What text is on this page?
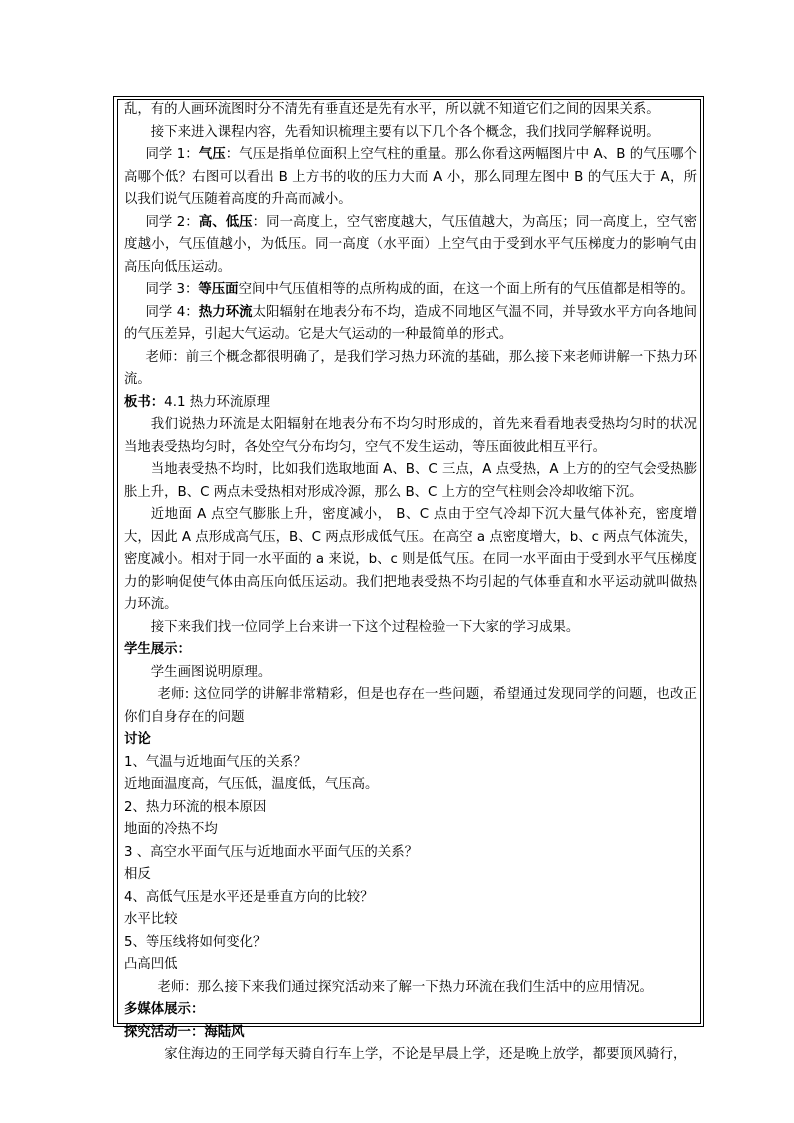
乱，有的人画环流图时分不清先有垂直还是先有水平，所以就不知道它们之间的因果关系。

接下来进入课程内容，先看知识梳理主要有以下几个各个概念，我们找同学解释说明。

同学 1：气压：气压是指单位面积上空气柱的重量。那么你看这两幅图片中 A、B 的气压哪个高哪个低？右图可以看出 B 上方书的收的压力大而 A 小，那么同理左图中 B 的气压大于 A，所以我们说气压随着高度的升高而减小。

同学 2：高、低压：同一高度上，空气密度越大，气压值越大，为高压；同一高度上，空气密度越小，气压值越小，为低压。同一高度（水平面）上空气由于受到水平气压梯度力的影响气由高压向低压运动。

同学 3：等压面空间中气压值相等的点所构成的面，在这一个面上所有的气压值都是相等的。

同学 4：热力环流太阳辐射在地表分布不均，造成不同地区气温不同，并导致水平方向各地间的气压差异，引起大气运动。它是大气运动的一种最简单的形式。

老师：前三个概念都很明确了，是我们学习热力环流的基础，那么接下来老师讲解一下热力环流。

板书：4.1 热力环流原理

我们说热力环流是太阳辐射在地表分布不均匀时形成的，首先来看看地表受热均匀时的状况当地表受热均匀时，各处空气分布均匀，空气不发生运动，等压面彼此相互平行。

当地表受热不均时，比如我们选取地面 A、B、C 三点，A 点受热，A 上方的的空气会受热膨胀上升，B、C 两点未受热相对形成冷源，那么 B、C 上方的空气柱则会冷却收缩下沉。

近地面 A 点空气膨胀上升，密度减小， B、C 点由于空气冷却下沉大量气体补充，密度增大，因此 A 点形成高气压，B、C 两点形成低气压。在高空 a 点密度增大，b、c 两点气体流失，密度减小。相对于同一水平面的 a 来说，b、c 则是低气压。在同一水平面由于受到水平气压梯度力的影响促使气体由高压向低压运动。我们把地表受热不均引起的气体垂直和水平运动就叫做热力环流。

接下来我们找一位同学上台来讲一下这个过程检验一下大家的学习成果。

学生展示：

学生画图说明原理。

老师: 这位同学的讲解非常精彩，但是也存在一些问题，希望通过发现同学的问题，也改正你们自身存在的问题

讨论

1、气温与近地面气压的关系？

近地面温度高，气压低，温度低，气压高。

2、热力环流的根本原因

地面的冷热不均

3 、高空水平面气压与近地面水平面气压的关系？

相反

4、高低气压是水平还是垂直方向的比较？

水平比较

5、等压线将如何变化？

凸高凹低

老师：那么接下来我们通过探究活动来了解一下热力环流在我们生活中的应用情况。

多媒体展示：

探究活动一：海陆风

家住海边的王同学每天骑自行车上学，不论是早晨上学，还是晚上放学，都要顶风骑行，
